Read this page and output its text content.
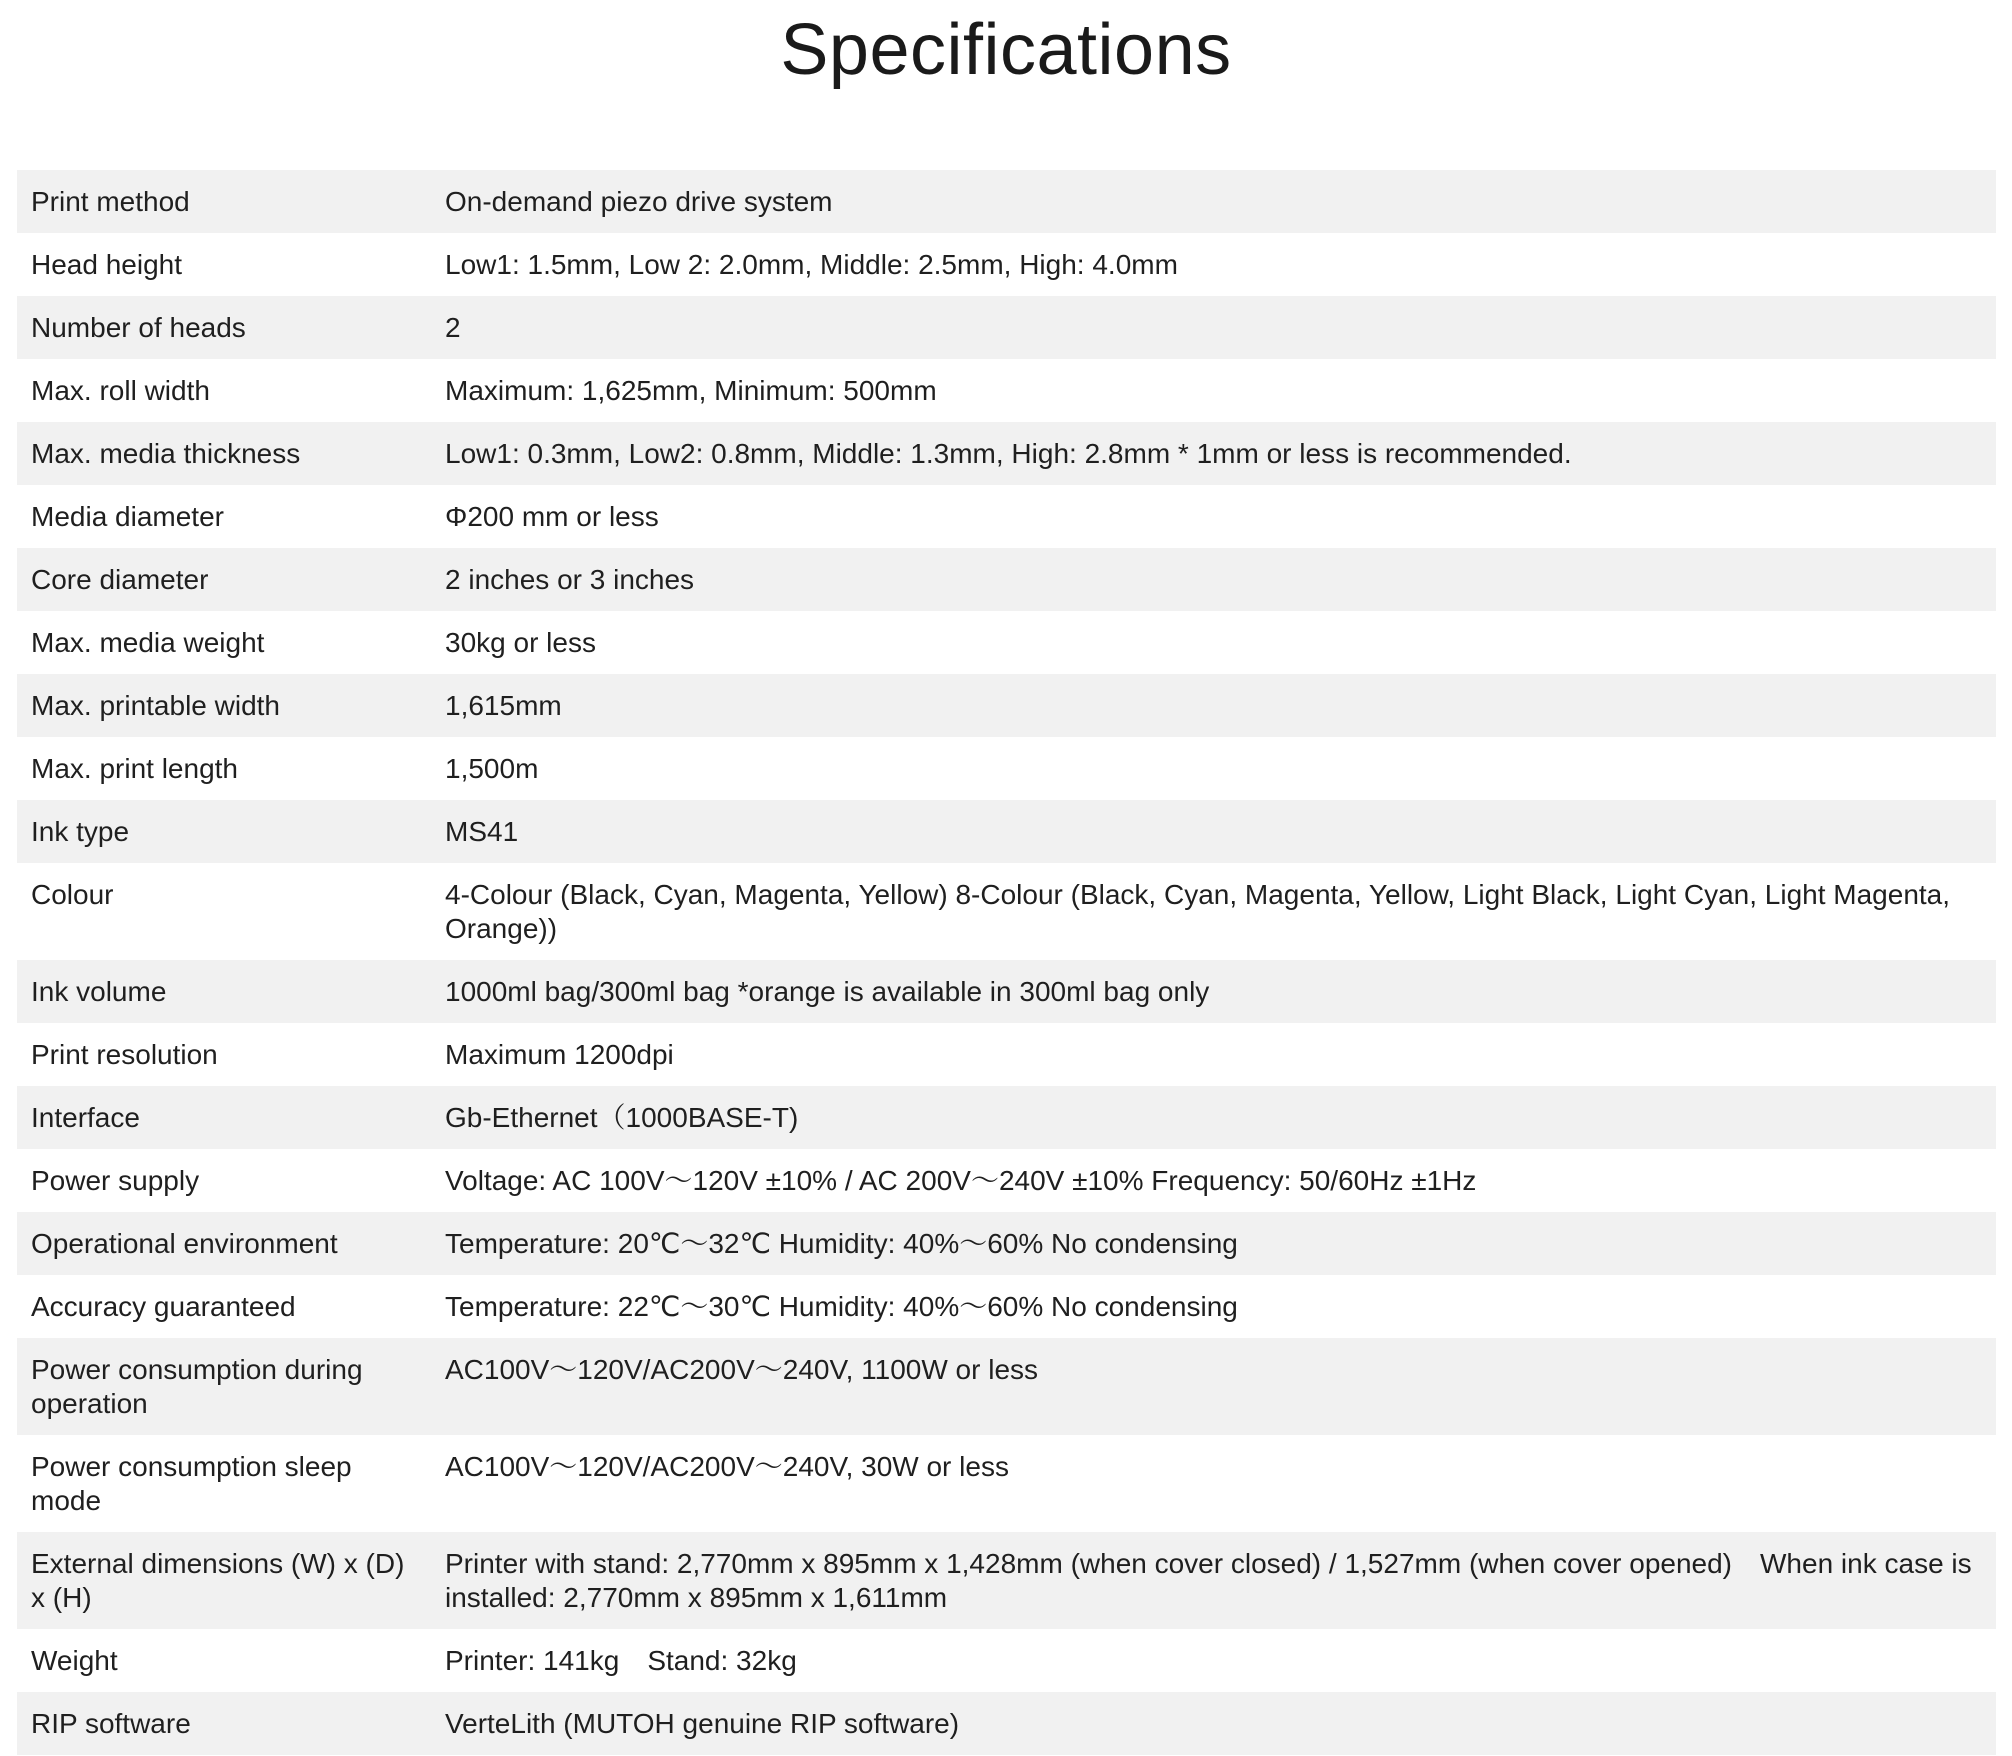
Specifications
Print method	On-demand piezo drive system
Head height	Low1: 1.5mm, Low 2: 2.0mm, Middle: 2.5mm, High: 4.0mm
Number of heads	2
Max. roll width	Maximum: 1,625mm, Minimum: 500mm
Max. media thickness	Low1: 0.3mm, Low2: 0.8mm, Middle: 1.3mm, High: 2.8mm * 1mm or less is recommended.
Media diameter	Φ200 mm or less
Core diameter	2 inches or 3 inches
Max. media weight	30kg or less
Max. printable width	1,615mm
Max. print length	1,500m
Ink type	MS41
Colour	4-Colour (Black, Cyan, Magenta, Yellow) 8-Colour (Black, Cyan, Magenta, Yellow, Light Black, Light Cyan, Light Magenta, Orange))
Ink volume	1000ml bag/300ml bag *orange is available in 300ml bag only
Print resolution	Maximum 1200dpi
Interface	Gb-Ethernet（1000BASE-T)
Power supply	Voltage: AC 100V～120V ±10% / AC 200V～240V ±10% Frequency: 50/60Hz ±1Hz
Operational environment	Temperature: 20℃～32℃ Humidity: 40%～60% No condensing
Accuracy guaranteed	Temperature: 22℃～30℃ Humidity: 40%～60% No condensing
Power consumption during operation	AC100V～120V/AC200V～240V, 1100W or less
Power consumption sleep mode	AC100V～120V/AC200V～240V, 30W or less
External dimensions (W) x (D) x (H)	Printer with stand: 2,770mm x 895mm x 1,428mm (when cover closed) / 1,527mm (when cover opened)　When ink case is installed: 2,770mm x 895mm x 1,611mm
Weight	Printer: 141kg　Stand: 32kg
RIP software	VerteLith (MUTOH genuine RIP software)
